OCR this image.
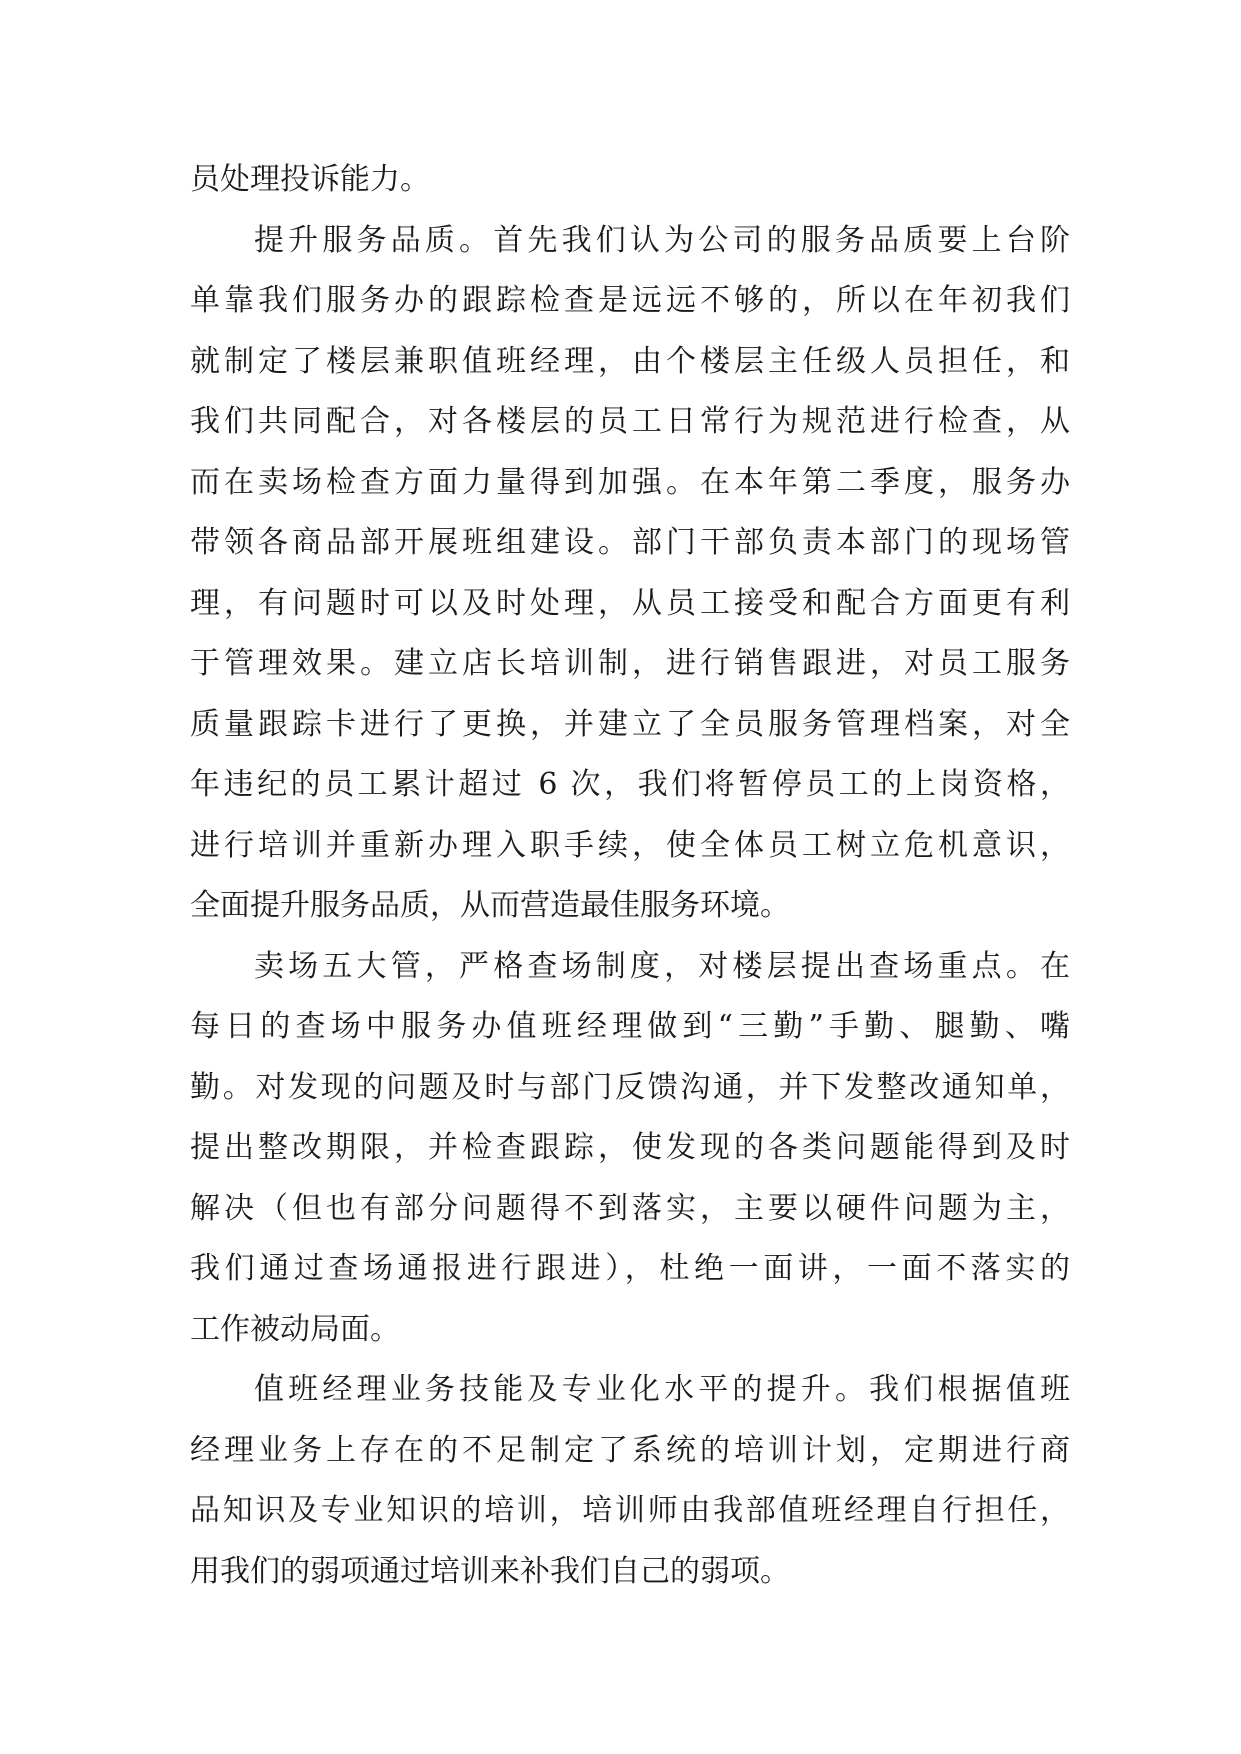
员处理投诉能力。
提升服务品质。首先我们认为公司的服务品质要上台阶
单靠我们服务办的跟踪检查是远远不够的，所以在年初我们
就制定了楼层兼职值班经理，由个楼层主任级人员担任，和
我们共同配合，对各楼层的员工日常行为规范进行检查，从
而在卖场检查方面力量得到加强。在本年第二季度，服务办
带领各商品部开展班组建设。部门干部负责本部门的现场管
理，有问题时可以及时处理，从员工接受和配合方面更有利
于管理效果。建立店长培训制，进行销售跟进，对员工服务
质量跟踪卡进行了更换，并建立了全员服务管理档案，对全
年违纪的员工累计超过 6 次，我们将暂停员工的上岗资格，
进行培训并重新办理入职手续，使全体员工树立危机意识，
全面提升服务品质，从而营造最佳服务环境。
卖场五大管，严格查场制度，对楼层提出查场重点。在
每日的查场中服务办值班经理做到“三勤”手勤、腿勤、嘴
勤。对发现的问题及时与部门反馈沟通，并下发整改通知单，
提出整改期限，并检查跟踪，使发现的各类问题能得到及时
解决（但也有部分问题得不到落实，主要以硬件问题为主，
我们通过查场通报进行跟进），杜绝一面讲，一面不落实的
工作被动局面。
值班经理业务技能及专业化水平的提升。我们根据值班
经理业务上存在的不足制定了系统的培训计划，定期进行商
品知识及专业知识的培训，培训师由我部值班经理自行担任，
用我们的弱项通过培训来补我们自己的弱项。
